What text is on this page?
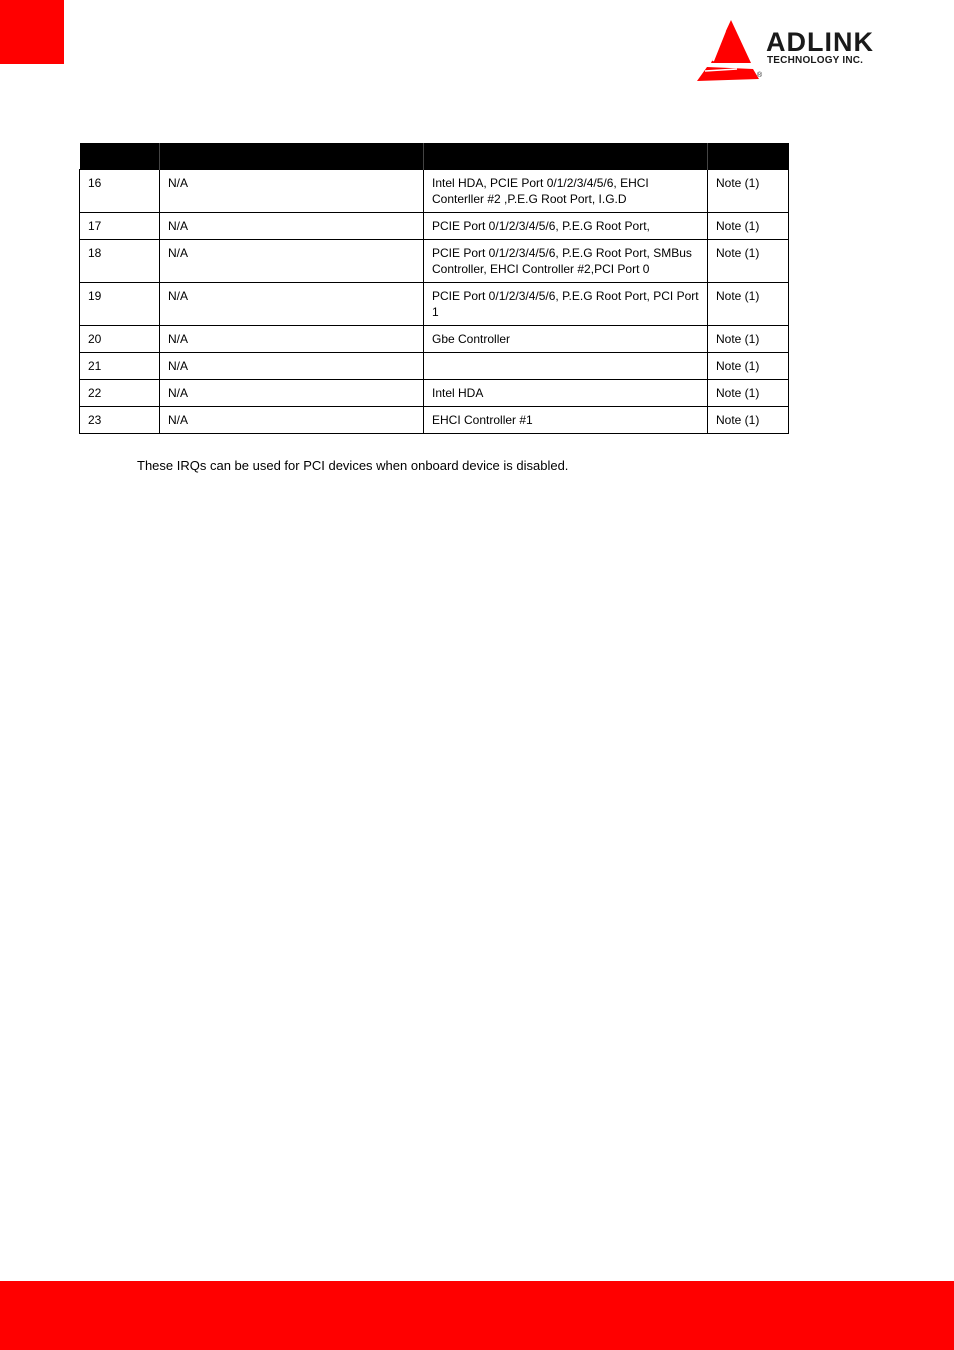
ADLINK
TECHNOLOGY INC.
®

16	N/A	Intel HDA, PCIE Port 0/1/2/3/4/5/6, EHCI Conterller #2 ,P.E.G Root Port, I.G.D	Note (1)
17	N/A	PCIE Port 0/1/2/3/4/5/6, P.E.G Root Port,	Note (1)
18	N/A	PCIE Port 0/1/2/3/4/5/6, P.E.G Root Port, SMBus Controller, EHCI Controller #2,PCI Port 0	Note (1)
19	N/A	PCIE Port 0/1/2/3/4/5/6, P.E.G Root Port, PCI Port 1	Note (1)
20	N/A	Gbe Controller	Note (1)
21	N/A		Note (1)
22	N/A	Intel HDA	Note (1)
23	N/A	EHCI Controller #1	Note (1)
These IRQs can be used for PCI devices when onboard device is disabled.
